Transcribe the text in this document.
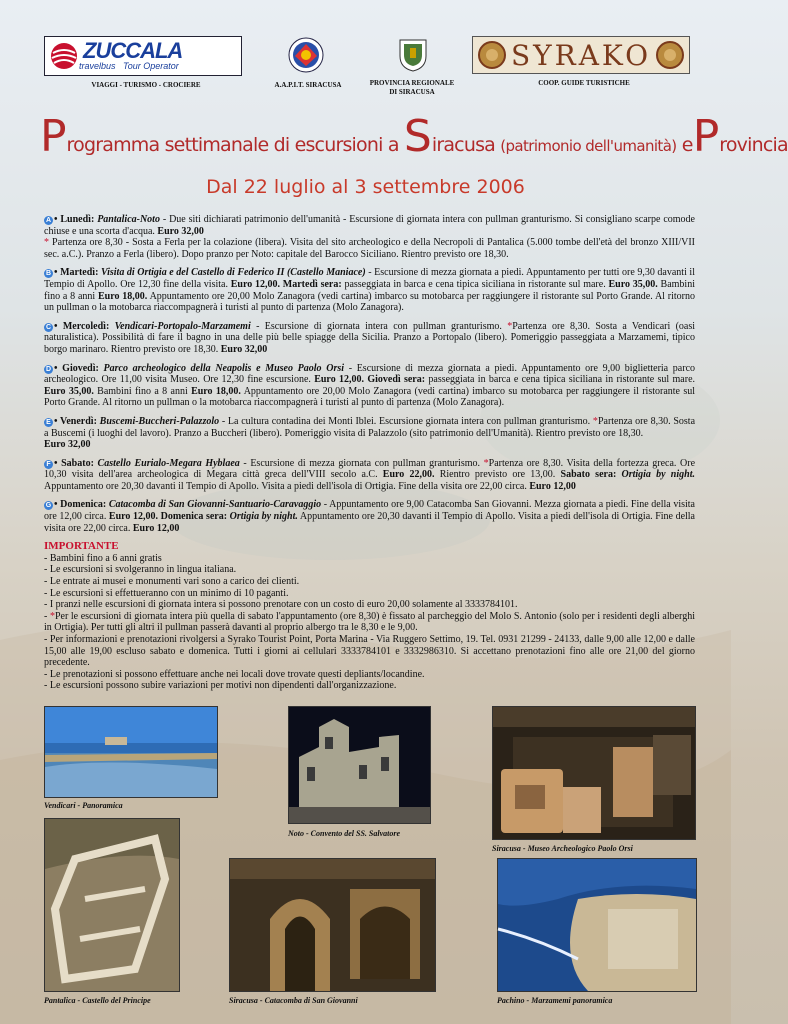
ZUCCALA
travelbus Tour Operator	SYRAKO
VIAGGI - TURISMO - CROCIERE	A.A.P.I.T. SIRACUSA	PROVINCIA REGIONALE
DI SIRACUSA
COOP. GUIDE TURISTICHE
Programma settimanale di escursioni a Siracusa (patrimonio dell'umanità) eProvincia
Dal 22 luglio al 3 settembre 2006
A • Lunedì: Pantalica-Noto - Due siti dichiarati patrimonio dell'umanità - Escursione di giornata intera con pullman granturismo. Si consigliano scarpe comode chiuse e una scorta d'acqua. Euro 32,00
* Partenza ore 8,30 - Sosta a Ferla per la colazione (libera). Visita del sito archeologico e della Necropoli di Pantalica (5.000 tombe dell'età del bronzo XIII/VII sec. a.C.). Pranzo a Ferla (libero). Dopo pranzo per Noto: capitale del Barocco Siciliano. Rientro previsto ore 18,30.
B • Martedì: Visita di Ortigia e del Castello di Federico II (Castello Maniace) - Escursione di mezza giornata a piedi. Appuntamento per tutti ore 9,30 davanti il Tempio di Apollo. Ore 12,30 fine della visita. Euro 12,00. Martedì sera: passeggiata in barca e cena tipica siciliana in ristorante sul mare. Euro 35,00. Bambini fino a 8 anni Euro 18,00. Appuntamento ore 20,00 Molo Zanagora (vedi cartina) imbarco su motobarca per raggiungere il ristorante sul Porto Grande. Al ritorno un pullman o la motobarca riaccompagnerà i turisti al punto di partenza (Molo Zanagora).
C • Mercoledì: Vendicari-Portopalo-Marzamemi - Escursione di giornata intera con pullman granturismo. *Partenza ore 8,30. Sosta a Vendicari (oasi naturalistica). Possibilità di fare il bagno in una delle più belle spiagge della Sicilia. Pranzo a Portopalo (libero). Pomeriggio passeggiata a Marzamemi, tipico borgo marinaro. Rientro previsto ore 18,30. Euro 32,00
D • Giovedì: Parco archeologico della Neapolis e Museo Paolo Orsi - Escursione di mezza giornata a piedi. Appuntamento ore 9,00 biglietteria parco archeologico. Ore 11,00 visita Museo. Ore 12,30 fine escursione. Euro 12,00. Giovedì sera: passeggiata in barca e cena tipica siciliana in ristorante sul mare. Euro 35,00. Bambini fino a 8 anni Euro 18,00. Appuntamento ore 20,00 Molo Zanagora (vedi cartina) imbarco su motobarca per raggiungere il ristorante sul Porto Grande. Al ritorno un pullman o la motobarca riaccompagnerà i turisti al punto di partenza (Molo Zanagora).
E • Venerdì: Buscemi-Buccheri-Palazzolo - La cultura contadina dei Monti Iblei. Escursione giornata intera con pullman granturismo. *Partenza ore 8,30. Sosta a Buscemi (i luoghi del lavoro). Pranzo a Buccheri (libero). Pomeriggio visita di Palazzolo (sito patrimonio dell'Umanità). Rientro previsto ore 18,30.
Euro 32,00
F • Sabato: Castello Eurialo-Megara Hyblaea - Escursione di mezza giornata con pullman granturismo. *Partenza ore 8,30. Visita della fortezza greca. Ore 10,30 visita dell'area archeologica di Megara città greca dell'VIII secolo a.C. Euro 22,00. Rientro previsto ore 13,00. Sabato sera: Ortigia by night. Appuntamento ore 20,30 davanti il Tempio di Apollo. Visita a piedi dell'isola di Ortigia. Fine della visita ore 22,00 circa. Euro 12,00
G • Domenica: Catacomba di San Giovanni-Santuario-Caravaggio - Appuntamento ore 9,00 Catacomba San Giovanni. Mezza giornata a piedi. Fine della visita ore 12,00 circa. Euro 12,00. Domenica sera: Ortigia by night. Appuntamento ore 20,30 davanti il Tempio di Apollo. Visita a piedi dell'isola di Ortigia. Fine della visita ore 22,00 circa. Euro 12,00
IMPORTANTE
- Bambini fino a 6 anni gratis
- Le escursioni si svolgeranno in lingua italiana.
- Le entrate ai musei e monumenti vari sono a carico dei clienti.
- Le escursioni si effettueranno con un minimo di 10 paganti.
- I pranzi nelle escursioni di giornata intera si possono prenotare con un costo di euro 20,00 solamente al 3333784101.
- *Per le escursioni di giornata intera più quella di sabato l'appuntamento (ore 8,30) è fissato al parcheggio del Molo S. Antonio (solo per i residenti degli alberghi in Ortigia). Per tutti gli altri il pullman passerà davanti al proprio albergo tra le 8,30 e le 9,00.
- Per informazioni e prenotazioni rivolgersi a Syrako Tourist Point, Porta Marina - Via Ruggero Settimo, 19. Tel. 0931 21299 - 24133, dalle 9,00 alle 12,00 e dalle 15,00 alle 19,00 escluso sabato e domenica. Tutti i giorni ai cellulari 3333784101 e 3332986310. Si accettano prenotazioni fino alle ore 21,00 del giorno precedente.
- Le prenotazioni si possono effettuare anche nei locali dove trovate questi depliants/locandine.
- Le escursioni possono subire variazioni per motivi non dipendenti dall'organizzazione.
Vendicari - Panoramica
Noto - Convento del SS. Salvatore
Siracusa - Museo Archeologico Paolo Orsi
Pantalica - Castello del Principe	Siracusa - Catacomba di San Giovanni	Pachino - Marzamemi panoramica
